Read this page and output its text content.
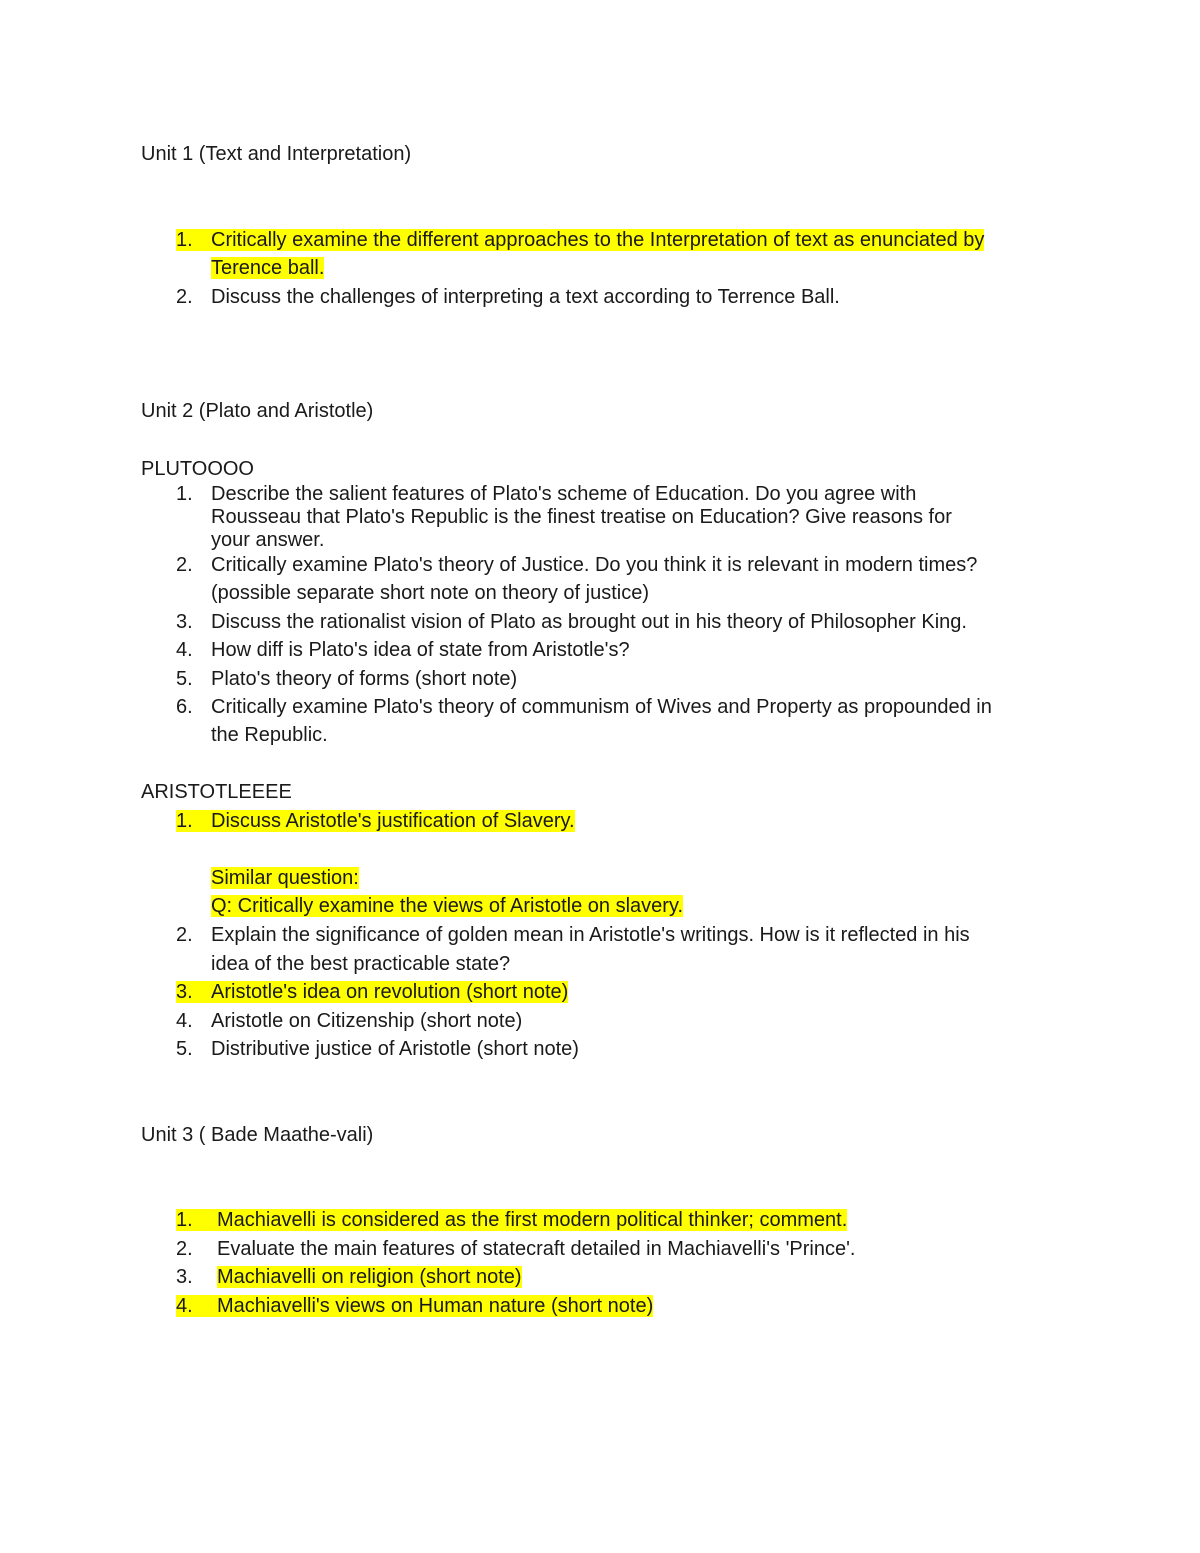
Unit 1 (Text and Interpretation)
1. Critically examine the different approaches to the Interpretation of text as enunciated by
Terence ball.
2. Discuss the challenges of interpreting a text according to Terrence Ball.
Unit 2 (Plato and Aristotle)
PLUTOOOO
1. Describe the salient features of Plato's scheme of Education. Do you agree with
Rousseau that Plato's Republic is the finest treatise on Education? Give reasons for
your answer.
2. Critically examine Plato's theory of Justice. Do you think it is relevant in modern times?
(possible separate short note on theory of justice)
3. Discuss the rationalist vision of Plato as brought out in his theory of Philosopher King.
4. How diff is Plato's idea of state from Aristotle's?
5. Plato's theory of forms (short note)
6. Critically examine Plato's theory of communism of Wives and Property as propounded in
the Republic.
ARISTOTLEEEE
1. Discuss Aristotle's justification of Slavery.
Similar question:
Q: Critically examine the views of Aristotle on slavery.
2. Explain the significance of golden mean in Aristotle's writings. How is it reflected in his
idea of the best practicable state?
3. Aristotle's idea on revolution (short note)
4. Aristotle on Citizenship (short note)
5. Distributive justice of Aristotle (short note)
Unit 3 ( Bade Maathe-vali)
1. Machiavelli is considered as the first modern political thinker; comment.
2. Evaluate the main features of statecraft detailed in Machiavelli's 'Prince'.
3. Machiavelli on religion (short note)
4. Machiavelli's views on Human nature (short note)
